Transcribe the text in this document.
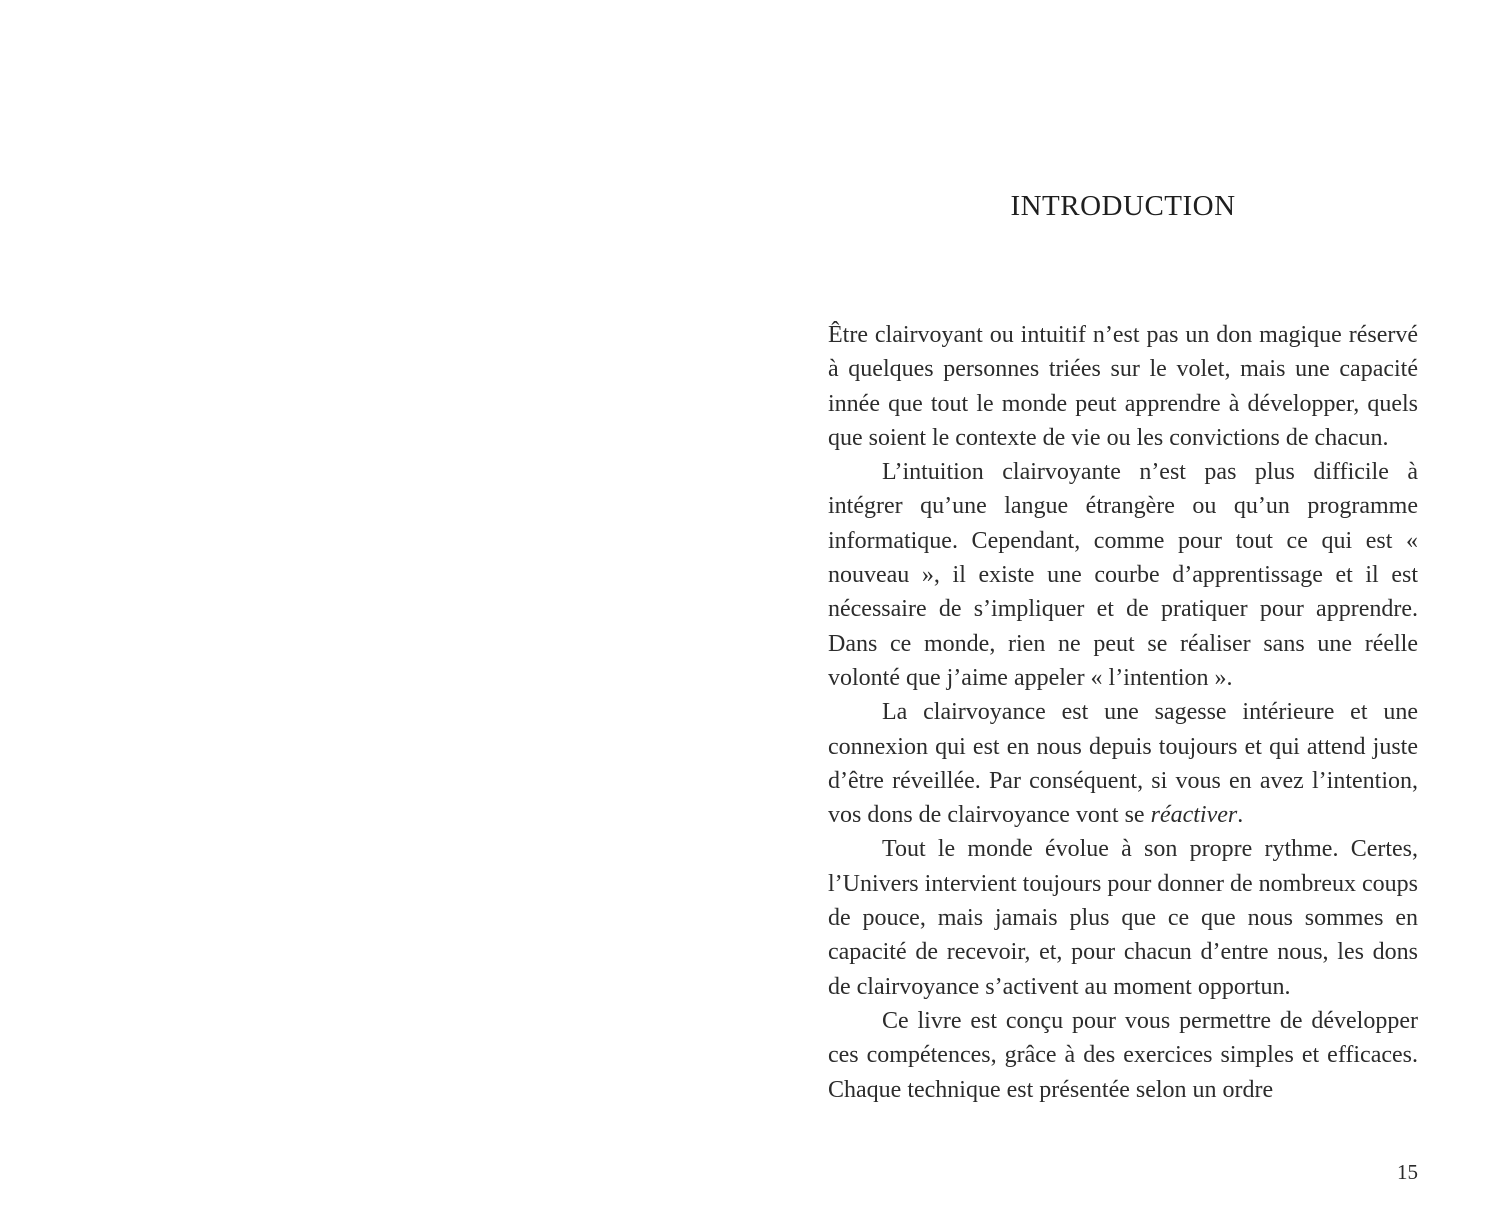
INTRODUCTION

Être clairvoyant ou intuitif n’est pas un don magique réservé à quelques personnes triées sur le volet, mais une capacité innée que tout le monde peut apprendre à développer, quels que soient le contexte de vie ou les convictions de chacun.

L’intuition clairvoyante n’est pas plus difficile à intégrer qu’une langue étrangère ou qu’un programme informatique. Cependant, comme pour tout ce qui est « nouveau », il existe une courbe d’apprentissage et il est nécessaire de s’impliquer et de pratiquer pour apprendre. Dans ce monde, rien ne peut se réaliser sans une réelle volonté que j’aime appeler « l’intention ».

La clairvoyance est une sagesse intérieure et une connexion qui est en nous depuis toujours et qui attend juste d’être réveillée. Par conséquent, si vous en avez l’intention, vos dons de clairvoyance vont se réactiver.

Tout le monde évolue à son propre rythme. Certes, l’Univers intervient toujours pour donner de nombreux coups de pouce, mais jamais plus que ce que nous sommes en capacité de recevoir, et, pour chacun d’entre nous, les dons de clairvoyance s’activent au moment opportun.

Ce livre est conçu pour vous permettre de développer ces compétences, grâce à des exercices simples et efficaces. Chaque technique est présentée selon un ordre

15
